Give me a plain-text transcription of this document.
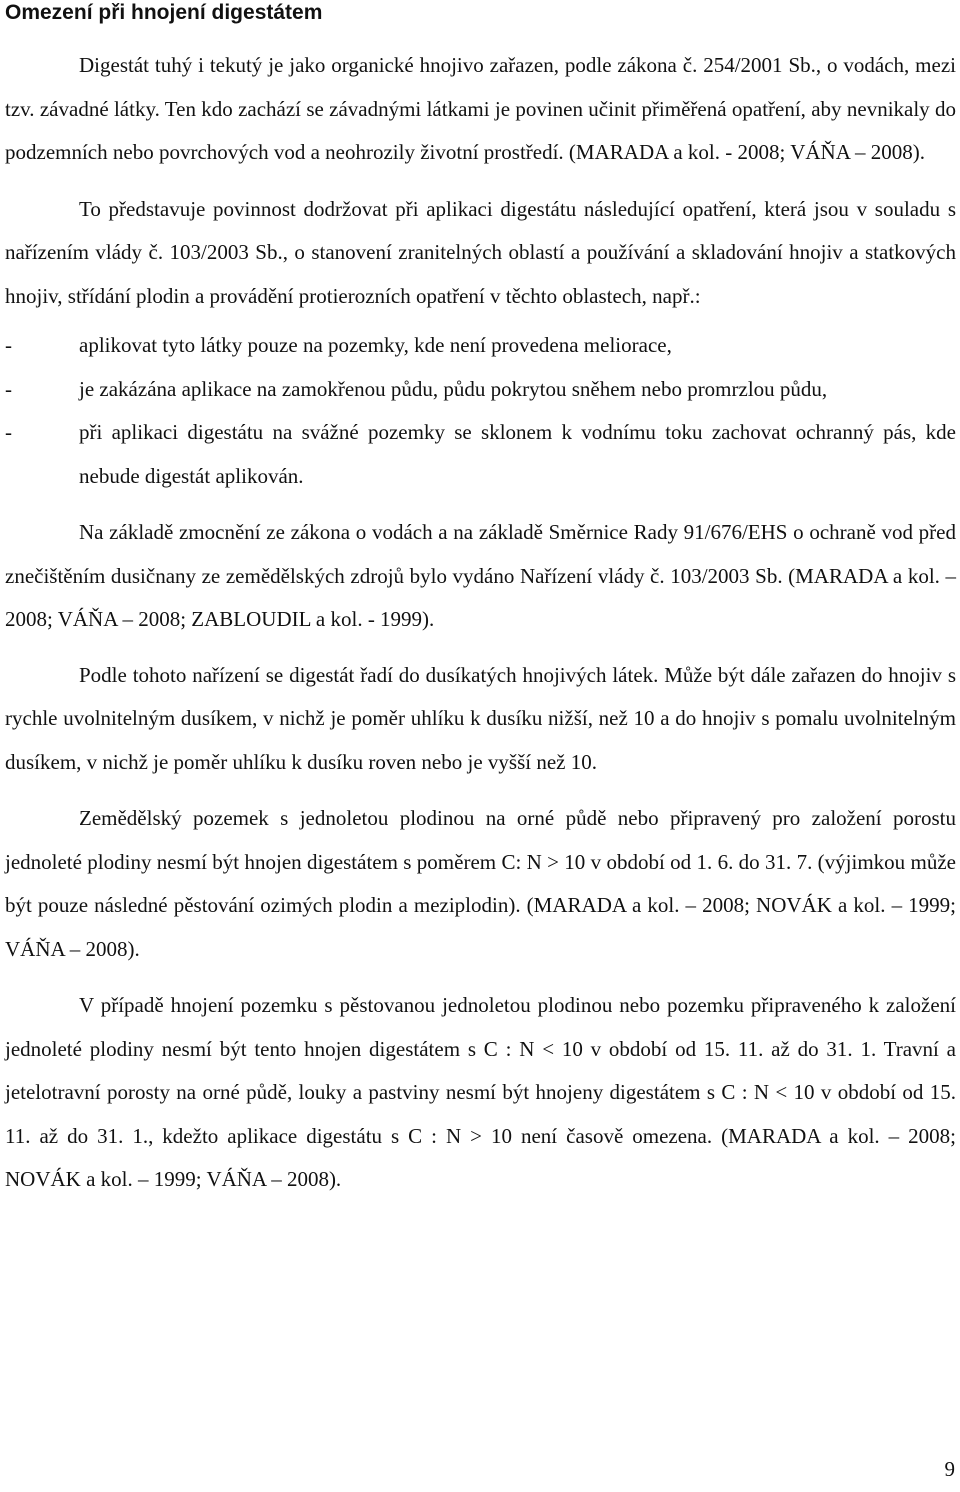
Omezení při hnojení digestátem

Digestát tuhý i tekutý je jako organické hnojivo zařazen, podle zákona č. 254/2001 Sb., o vodách, mezi tzv. závadné látky. Ten kdo zachází se závadnými látkami je povinen učinit přiměřená opatření, aby nevnikaly do podzemních nebo povrchových vod a neohrozily životní prostředí. (MARADA a kol. - 2008; VÁŇA – 2008).

To představuje povinnost dodržovat při aplikaci digestátu následující opatření, která jsou v souladu s nařízením vlády č. 103/2003 Sb., o stanovení zranitelných oblastí a používání a skladování hnojiv a statkových hnojiv, střídání plodin a provádění protierozních opatření v těchto oblastech, např.:

-	aplikovat tyto látky pouze na pozemky, kde není provedena meliorace,
-	je zakázána aplikace na zamokřenou půdu, půdu pokrytou sněhem nebo promrzlou půdu,
-	při aplikaci digestátu na svážné pozemky se sklonem k vodnímu toku zachovat ochranný pás, kde nebude digestát aplikován.

Na základě zmocnění ze zákona o vodách a na základě Směrnice Rady 91/676/EHS o ochraně vod před znečištěním dusičnany ze zemědělských zdrojů bylo vydáno Nařízení vlády č. 103/2003 Sb. (MARADA a kol. – 2008; VÁŇA – 2008; ZABLOUDIL a kol. - 1999).

Podle tohoto nařízení se digestát řadí do dusíkatých hnojivých látek. Může být dále zařazen do hnojiv s rychle uvolnitelným dusíkem, v nichž je poměr uhlíku k dusíku nižší, než 10 a do hnojiv s pomalu uvolnitelným dusíkem, v nichž je poměr uhlíku k dusíku roven nebo je vyšší než 10.

Zemědělský pozemek s jednoletou plodinou na orné půdě nebo připravený pro založení porostu jednoleté plodiny nesmí být hnojen digestátem s poměrem C: N > 10 v období od 1. 6. do 31. 7. (výjimkou může být pouze následné pěstování ozimých plodin a meziplodin). (MARADA a kol. – 2008; NOVÁK a kol. – 1999; VÁŇA – 2008).

V případě hnojení pozemku s pěstovanou jednoletou plodinou nebo pozemku připraveného k založení jednoleté plodiny nesmí být tento hnojen digestátem s C : N < 10 v období od 15. 11. až do 31. 1. Travní a jetelotravní porosty na orné půdě, louky a pastviny nesmí být hnojeny digestátem s C : N < 10 v období od 15. 11. až do 31. 1., kdežto aplikace digestátu s C : N > 10 není časově omezena. (MARADA a kol. – 2008; NOVÁK a kol. – 1999; VÁŇA – 2008).

9
